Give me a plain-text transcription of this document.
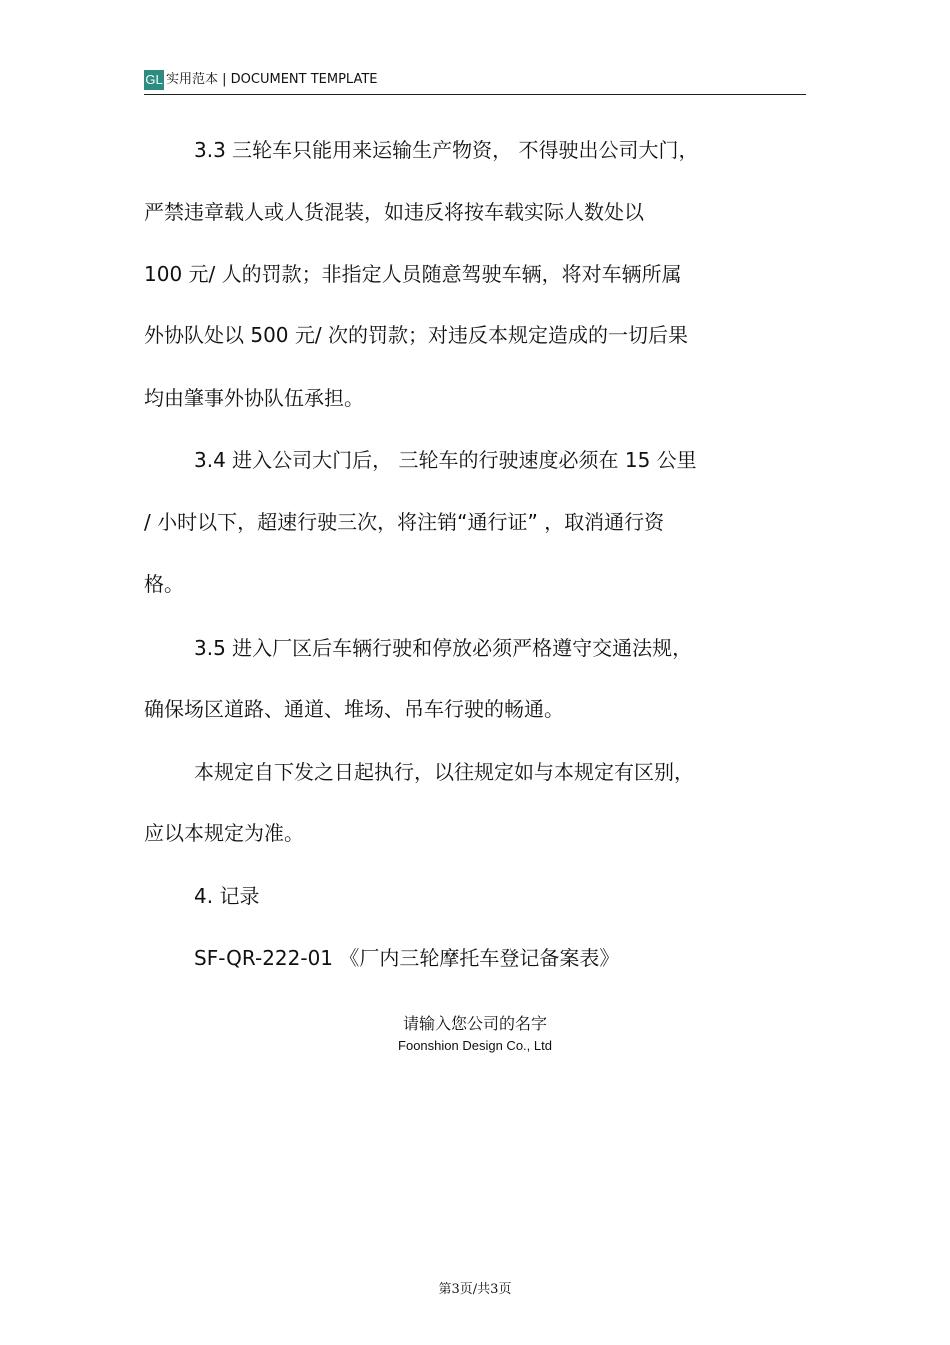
GL 实用范本 | DOCUMENT TEMPLATE
3.3 三轮车只能用来运输生产物资， 不得驶出公司大门，
严禁违章载人或人货混装，如违反将按车载实际人数处以
100 元/ 人的罚款；非指定人员随意驾驶车辆，将对车辆所属
外协队处以 500 元/ 次的罚款；对违反本规定造成的一切后果
均由肇事外协队伍承担。
3.4 进入公司大门后， 三轮车的行驶速度必须在 15 公里
/ 小时以下，超速行驶三次，将注销“通行证” ，取消通行资
格。
3.5 进入厂区后车辆行驶和停放必须严格遵守交通法规，
确保场区道路、通道、堆场、吊车行驶的畅通。
本规定自下发之日起执行，以往规定如与本规定有区别，
应以本规定为准。
4. 记录
SF-QR-222-01 《厂内三轮摩托车登记备案表》
请输入您公司的名字
Foonshion Design Co., Ltd
第3页/共3页
